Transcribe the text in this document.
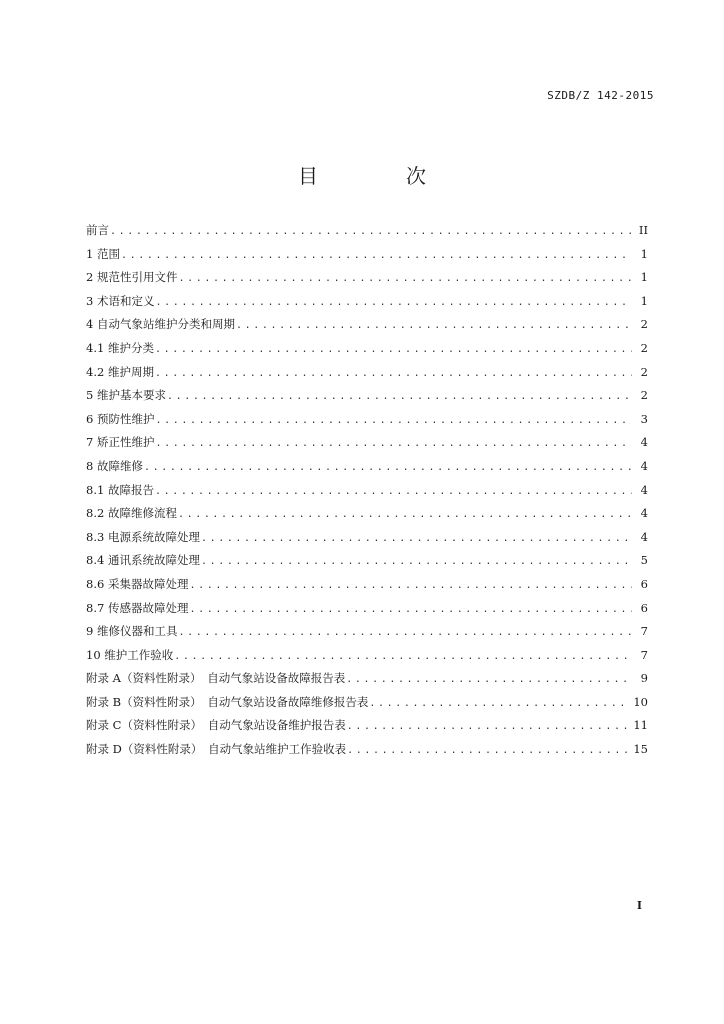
SZDB/Z 142-2015
目　次
前言 .....	II
1 范围 .....	1
2 规范性引用文件 .....	1
3 术语和定义 .....	1
4 自动气象站维护分类和周期 .....	2
4.1 维护分类 .....	2
4.2 维护周期 .....	2
5 维护基本要求 .....	2
6 预防性维护 .....	3
7 矫正性维护 .....	4
8 故障维修 .....	4
8.1 故障报告 .....	4
8.2 故障维修流程 .....	4
8.3 电源系统故障处理 .....	4
8.4 通讯系统故障处理 .....	5
8.6 采集器故障处理 .....	6
8.7 传感器故障处理 .....	6
9 维修仪器和工具 .....	7
10 维护工作验收 .....	7
附录 A（资料性附录）　自动气象站设备故障报告表 .....	9
附录 B（资料性附录）　自动气象站设备故障维修报告表 .....	10
附录 C（资料性附录）　自动气象站设备维护报告表 .....	11
附录 D（资料性附录）　自动气象站维护工作验收表 .....	15
I
